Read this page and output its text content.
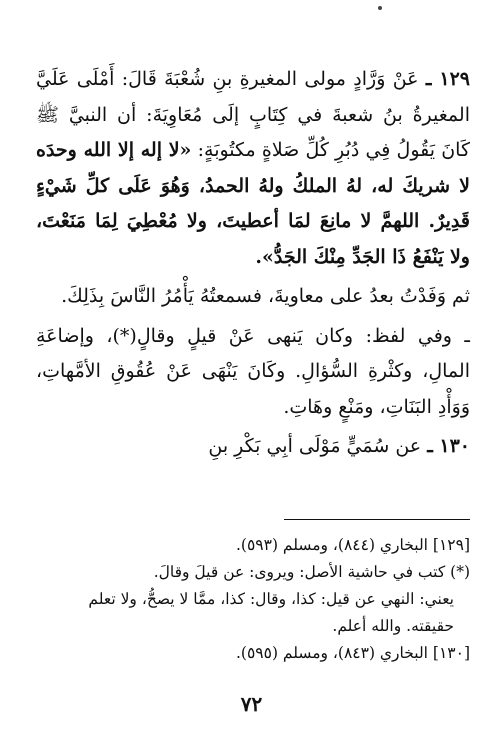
١٢٩ ـ عَنْ وَرَّادٍ مولى المغيرةِ بنِ شُعْبَةَ قَالَ: أَمْلَى عَلَيَّ المغيرةُ بنُ شعبةَ في كِتَابٍ إلَى مُعَاوِيَةَ: أن النبيَّ ﷺ كَانَ يَقُولُ فِي دُبُرِ كُلِّ صَلاةٍ مكتُوبَةٍ: «لا إله إلا الله وحدَه لا شريكَ له، لهُ الملكُ ولهُ الحمدُ، وَهُوَ عَلَى كلِّ شَيْءٍ قَدِيرٌ. اللهمَّ لا مانِعَ لمَا أعطيتَ، ولا مُعْطِيَ لِمَا مَنَعْتَ، ولا يَنْفَعُ ذَا الجَدِّ مِنْكَ الجَدُّ».

ثم وَفَدْتُ بعدُ على معاويةَ، فسمعتُهُ يَأْمُرُ النَّاسَ بِذَلِكَ.

ـ وفي لفظ: وكان يَنهى عَنْ قيلٍ وقالٍ(*)، وإضاعَةِ المالِ، وكثْرةِ السُّؤالِ. وكَانَ يَنْهَى عَنْ عُقُوقِ الأمَّهاتِ، وَوَأْدِ البَنَاتِ، ومَنْعٍ وهَاتِ.

١٣٠ ـ عن سُمَيٍّ مَوْلَى أبِي بَكْرِ بنِ

[١٢٩] البخاري (٨٤٤)، ومسلم (٥٩٣).

(*) كتب في حاشية الأصل: ويروى: عن قيلَ وقالَ.

يعني: النهي عن قيل: كذا، وقال: كذا، ممَّا لا يصحُّ، ولا تعلم حقيقته. والله أعلم.

[١٣٠] البخاري (٨٤٣)، ومسلم (٥٩٥).

٧٢
